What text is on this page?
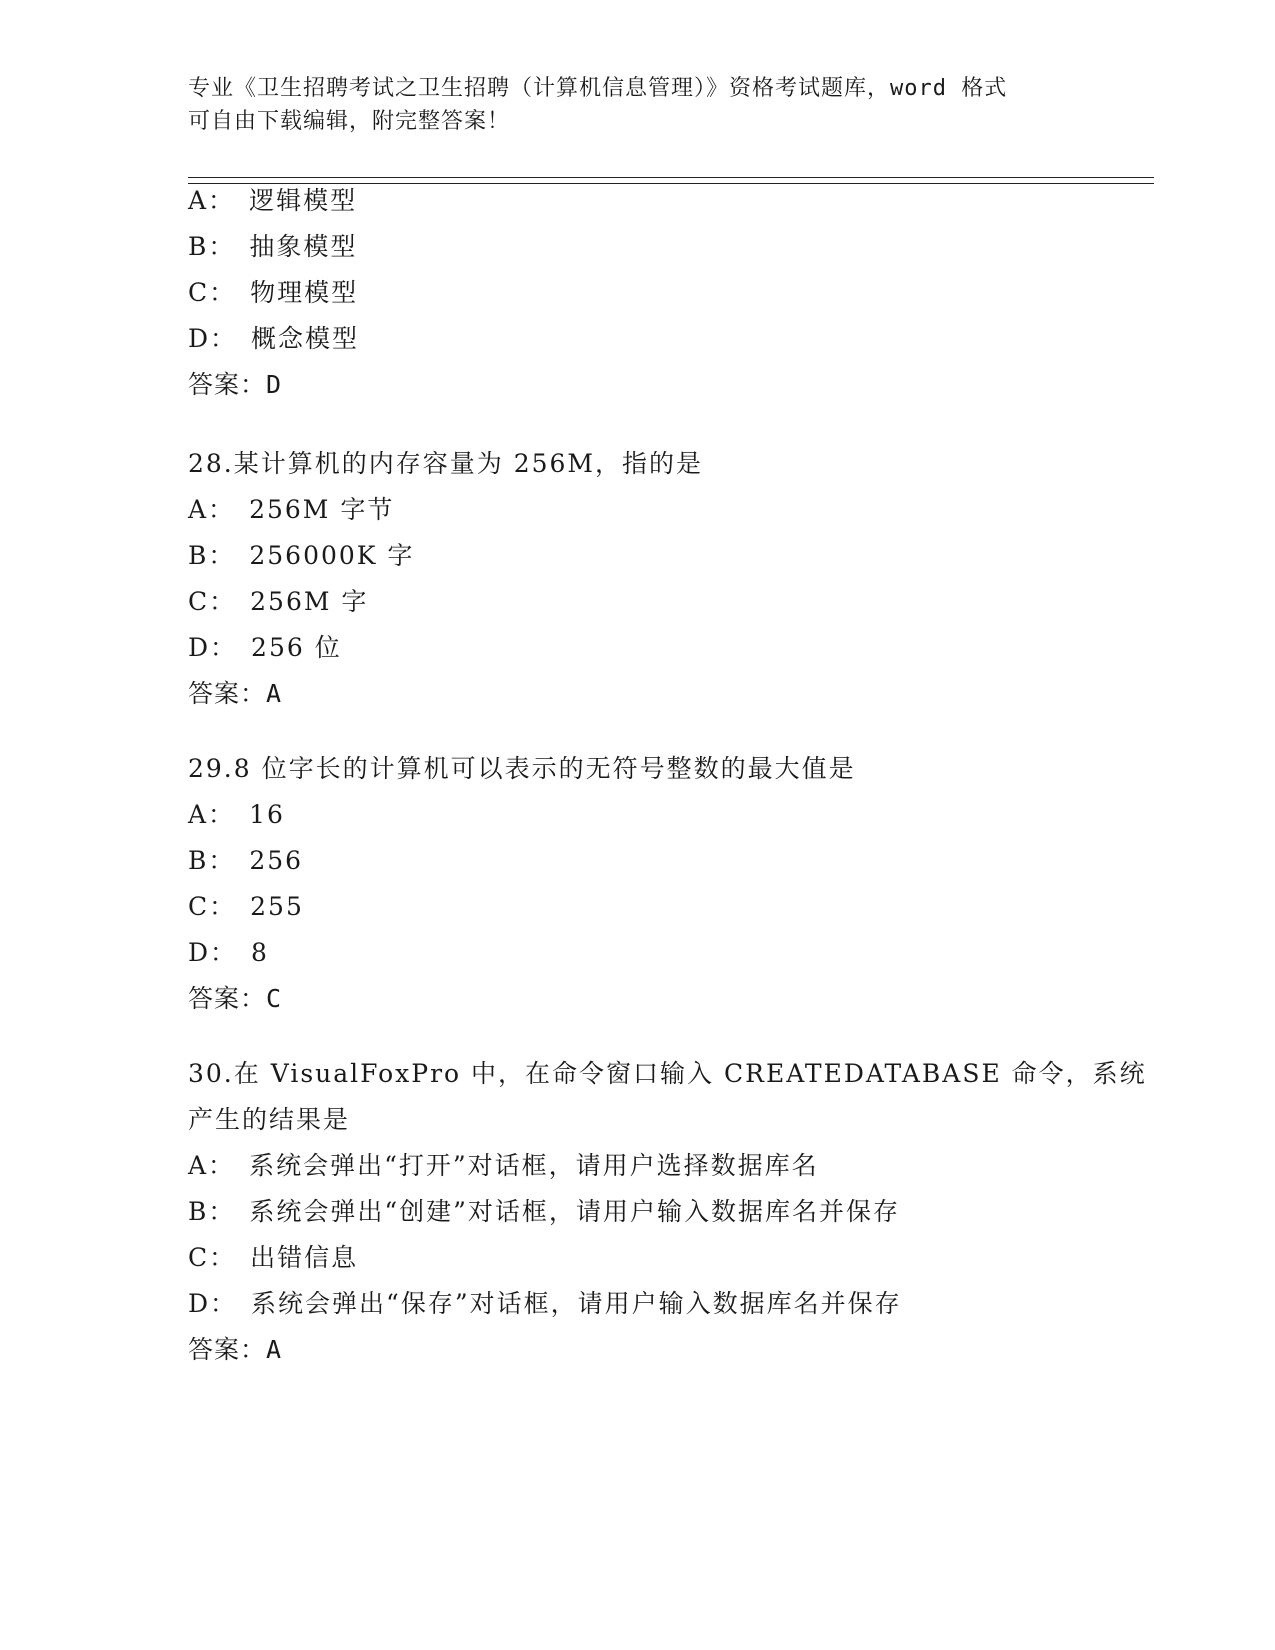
专业《卫生招聘考试之卫生招聘（计算机信息管理）》资格考试题库，word 格式
可自由下载编辑，附完整答案！
A： 逻辑模型
B： 抽象模型
C： 物理模型
D： 概念模型
答案：D
28.某计算机的内存容量为 256M，指的是
A： 256M 字节
B： 256000K 字
C： 256M 字
D： 256 位
答案：A
29.8 位字长的计算机可以表示的无符号整数的最大值是
A： 16
B： 256
C： 255
D： 8
答案：C
30.在 VisualFoxPro 中，在命令窗口输入 CREATEDATABASE 命令，系统
产生的结果是
A： 系统会弹出“打开”对话框，请用户选择数据库名
B： 系统会弹出“创建”对话框，请用户输入数据库名并保存
C： 出错信息
D： 系统会弹出“保存”对话框，请用户输入数据库名并保存
答案：A
